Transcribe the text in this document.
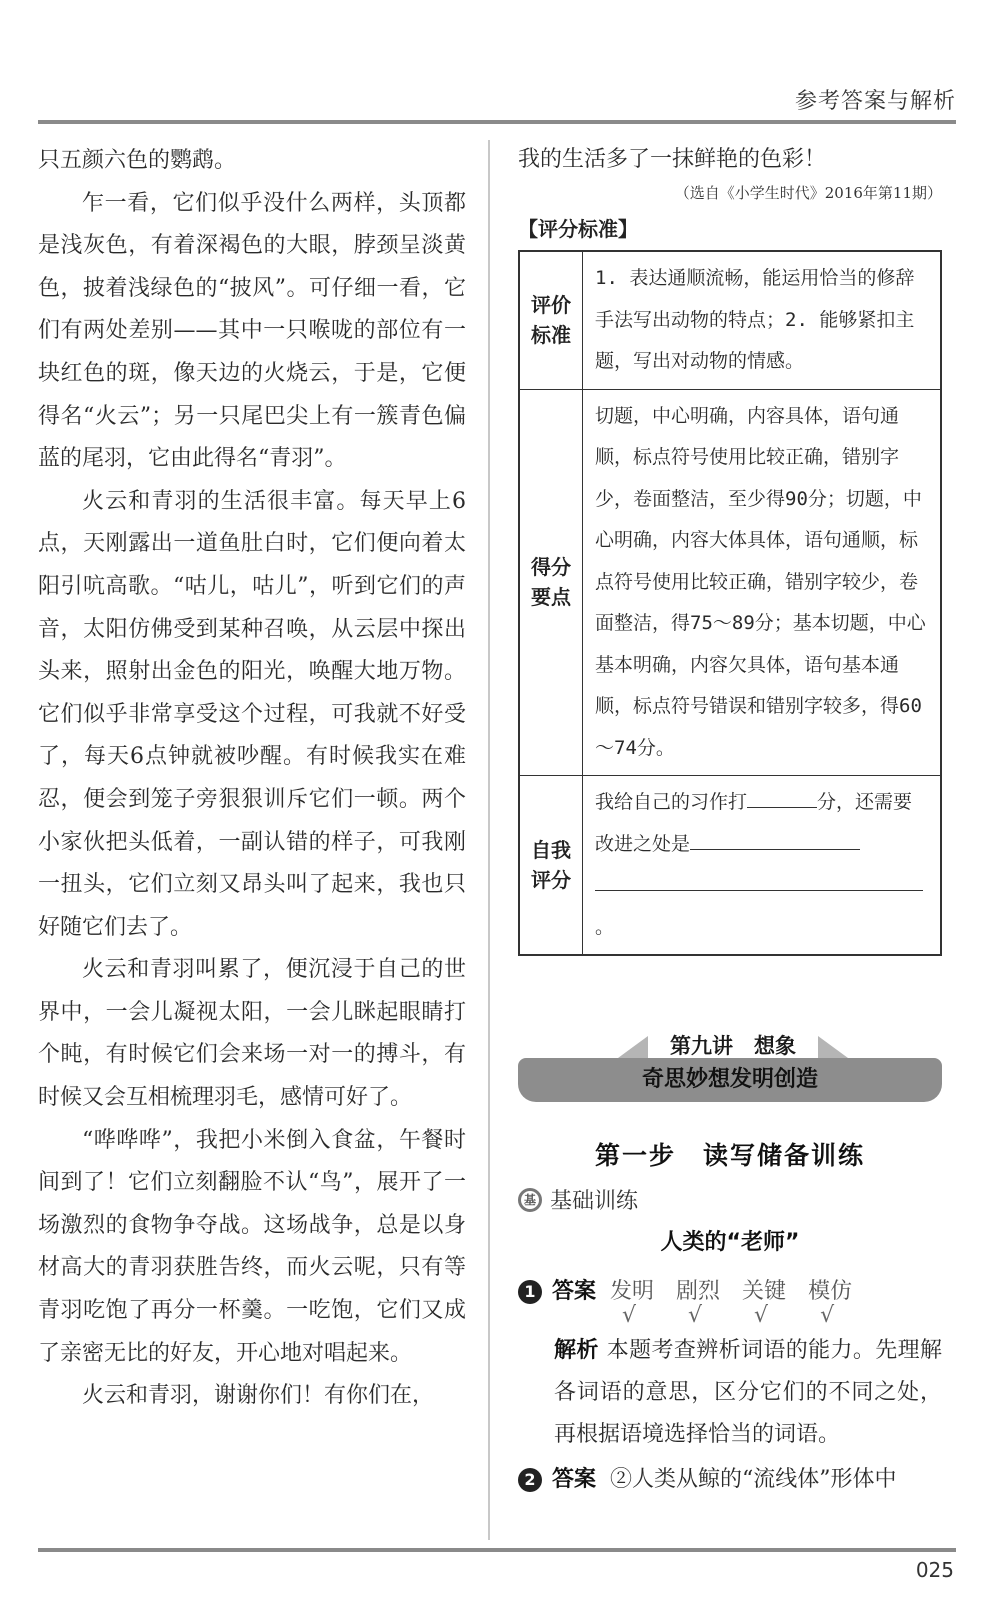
参考答案与解析

只五颜六色的鹦鹉。

乍一看，它们似乎没什么两样，头顶都是浅灰色，有着深褐色的大眼，脖颈呈淡黄色，披着浅绿色的“披风”。可仔细一看，它们有两处差别——其中一只喉咙的部位有一块红色的斑，像天边的火烧云，于是，它便得名“火云”；另一只尾巴尖上有一簇青色偏蓝的尾羽，它由此得名“青羽”。

火云和青羽的生活很丰富。每天早上6点，天刚露出一道鱼肚白时，它们便向着太阳引吭高歌。“咕儿，咕儿”，听到它们的声音，太阳仿佛受到某种召唤，从云层中探出头来，照射出金色的阳光，唤醒大地万物。它们似乎非常享受这个过程，可我就不好受了，每天6点钟就被吵醒。有时候我实在难忍，便会到笼子旁狠狠训斥它们一顿。两个小家伙把头低着，一副认错的样子，可我刚一扭头，它们立刻又昂头叫了起来，我也只好随它们去了。

火云和青羽叫累了，便沉浸于自己的世界中，一会儿凝视太阳，一会儿眯起眼睛打个盹，有时候它们会来场一对一的搏斗，有时候又会互相梳理羽毛，感情可好了。

“哗哗哗”，我把小米倒入食盆，午餐时间到了！它们立刻翻脸不认“鸟”，展开了一场激烈的食物争夺战。这场战争，总是以身材高大的青羽获胜告终，而火云呢，只有等青羽吃饱了再分一杯羹。一吃饱，它们又成了亲密无比的好友，开心地对唱起来。

火云和青羽，谢谢你们！有你们在，

我的生活多了一抹鲜艳的色彩！

（选自《小学生时代》2016年第11期）

【评分标准】
评价标准	1. 表达通顺流畅，能运用恰当的修辞手法写出动物的特点；2. 能够紧扣主题，写出对动物的情感。
得分要点	切题，中心明确，内容具体，语句通顺，标点符号使用比较正确，错别字少，卷面整洁，至少得90分；切题，中心明确，内容大体具体，语句通顺，标点符号使用比较正确，错别字较少，卷面整洁，得75～89分；基本切题，中心基本明确，内容欠具体，语句基本通顺，标点符号错误和错别字较多，得60～74分。
自我评分	我给自己的习作打 分，还需要改进之处是
。
第九讲　想象
奇思妙想发明创造
第一步　读写储备训练
基 基础训练
人类的“老师”
1 答案 发明
√
剧烈
√
关键
√
模仿
√
解析 本题考查辨析词语的能力。先理解各词语的意思，区分它们的不同之处，再根据语境选择恰当的词语。
2 答案 ②人类从鲸的“流线体”形体中
025
